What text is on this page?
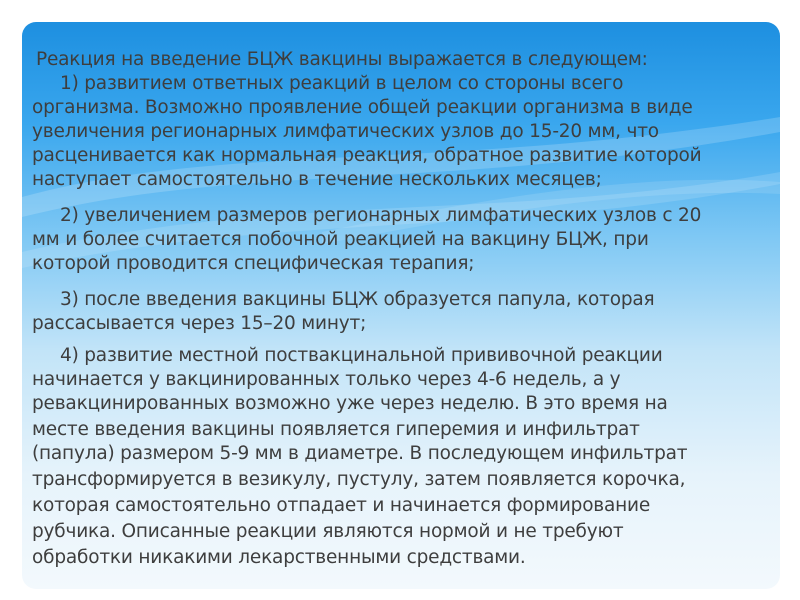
Реакция на введение БЦЖ вакцины выражается в следующем:
1) развитием ответных реакций в целом со стороны всего
организма. Возможно проявление общей реакции организма в виде
увеличения регионарных лимфатических узлов до 15-20 мм, что
расценивается как нормальная реакция, обратное развитие которой
наступает самостоятельно в течение нескольких месяцев;
2) увеличением размеров регионарных лимфатических узлов с 20
мм и более считается побочной реакцией на вакцину БЦЖ, при
которой проводится специфическая терапия;
3) после введения вакцины БЦЖ образуется папула, которая
рассасывается через 15–20 минут;
4) развитие местной поствакцинальной прививочной реакции
начинается у вакцинированных только через 4-6 недель, а у
ревакцинированных возможно уже через неделю. В это время на
месте введения вакцины появляется гиперемия и инфильтрат
(папула) размером 5-9 мм в диаметре. В последующем инфильтрат
трансформируется в везикулу, пустулу, затем появляется корочка,
которая самостоятельно отпадает и начинается формирование
рубчика. Описанные реакции являются нормой и не требуют
обработки никакими лекарственными средствами.
